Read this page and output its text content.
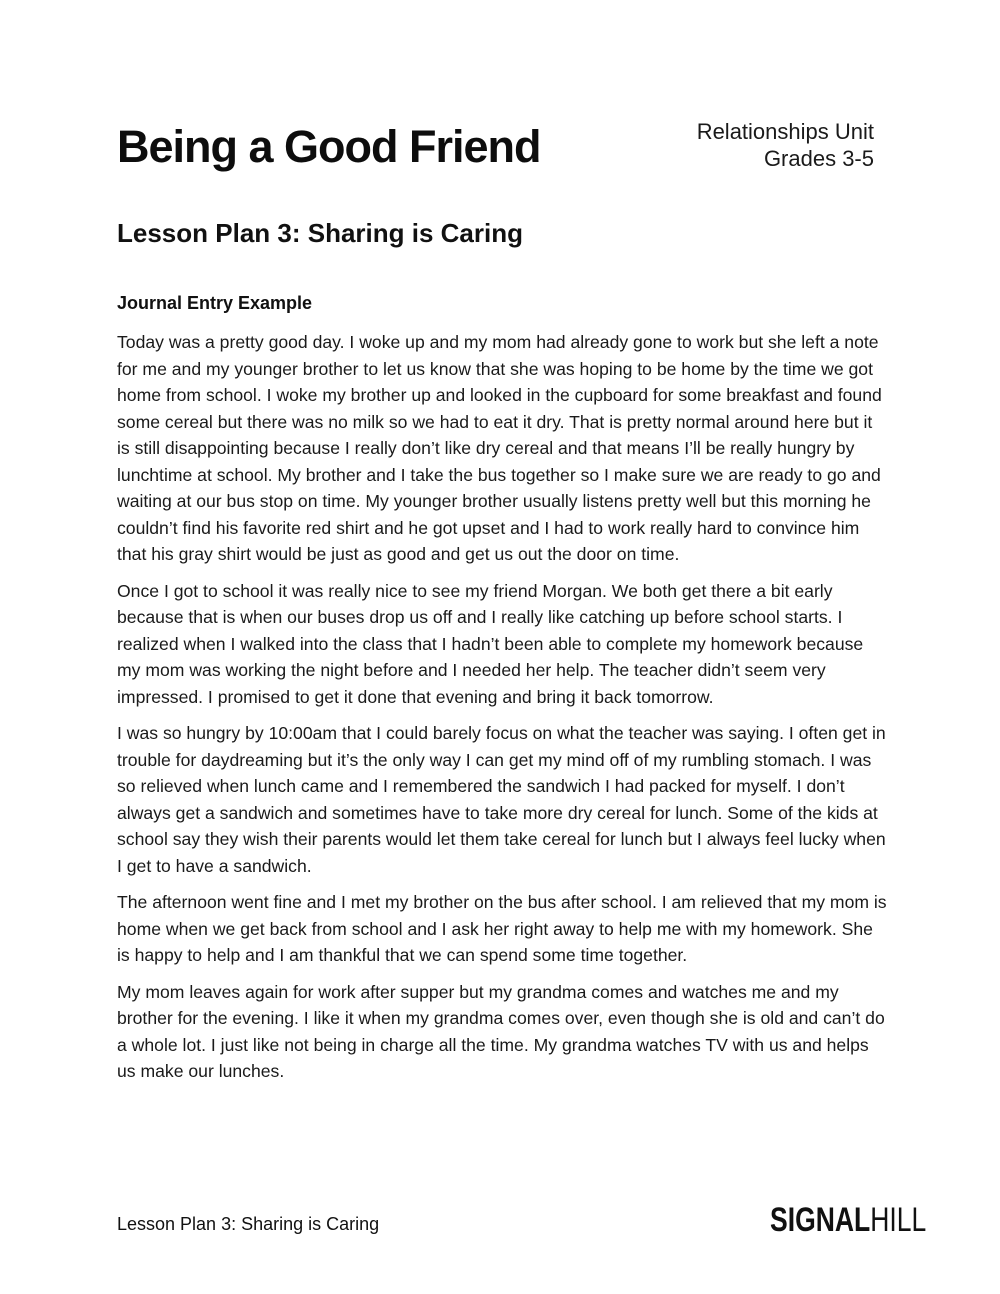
Being a Good Friend	Relationships Unit
Grades 3-5
Lesson Plan 3: Sharing is Caring
Journal Entry Example

Today was a pretty good day. I woke up and my mom had already gone to work but she left a note for me and my younger brother to let us know that she was hoping to be home by the time we got home from school. I woke my brother up and looked in the cupboard for some breakfast and found some cereal but there was no milk so we had to eat it dry. That is pretty normal around here but it is still disappointing because I really don’t like dry cereal and that means I’ll be really hungry by lunchtime at school. My brother and I take the bus together so I make sure we are ready to go and waiting at our bus stop on time. My younger brother usually listens pretty well but this morning he couldn’t find his favorite red shirt and he got upset and I had to work really hard to convince him that his gray shirt would be just as good and get us out the door on time.

Once I got to school it was really nice to see my friend Morgan. We both get there a bit early because that is when our buses drop us off and I really like catching up before school starts. I realized when I walked into the class that I hadn’t been able to complete my homework because my mom was working the night before and I needed her help. The teacher didn’t seem very impressed. I promised to get it done that evening and bring it back tomorrow.

I was so hungry by 10:00am that I could barely focus on what the teacher was saying. I often get in trouble for daydreaming but it’s the only way I can get my mind off of my rumbling stomach. I was so relieved when lunch came and I remembered the sandwich I had packed for myself. I don’t always get a sandwich and sometimes have to take more dry cereal for lunch. Some of the kids at school say they wish their parents would let them take cereal for lunch but I always feel lucky when I get to have a sandwich.

The afternoon went fine and I met my brother on the bus after school. I am relieved that my mom is home when we get back from school and I ask her right away to help me with my homework. She is happy to help and I am thankful that we can spend some time together.

My mom leaves again for work after supper but my grandma comes and watches me and my brother for the evening. I like it when my grandma comes over, even though she is old and can’t do a whole lot. I just like not being in charge all the time. My grandma watches TV with us and helps us make our lunches.

Lesson Plan 3: Sharing is Caring	SIGNALHILL
